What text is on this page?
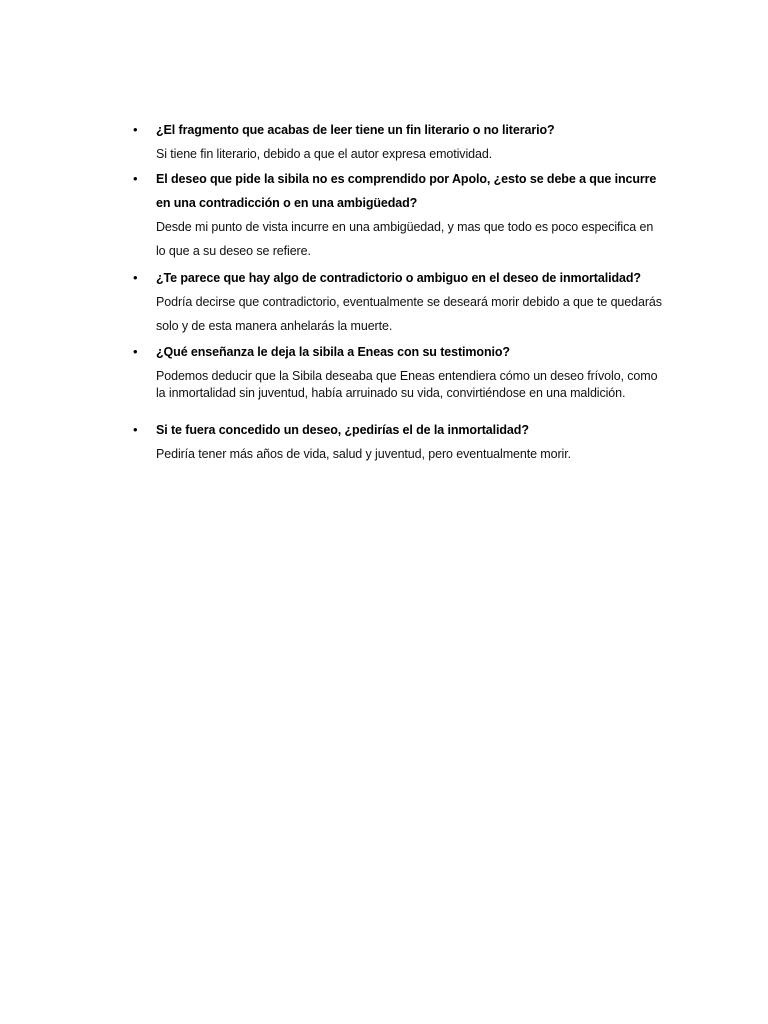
• ¿El fragmento que acabas de leer tiene un fin literario o no literario?
Si tiene fin literario, debido a que el autor expresa emotividad.
• El deseo que pide la sibila no es comprendido por Apolo, ¿esto se debe a que incurre en una contradicción o en una ambigüedad?
Desde mi punto de vista incurre en una ambigüedad, y mas que todo es poco especifica en lo que a su deseo se refiere.
• ¿Te parece que hay algo de contradictorio o ambiguo en el deseo de inmortalidad?
Podría decirse que contradictorio, eventualmente se deseará morir debido a que te quedarás solo y de esta manera anhelarás la muerte.
• ¿Qué enseñanza le deja la sibila a Eneas con su testimonio?
Podemos deducir que la Sibila deseaba que Eneas entendiera cómo un deseo frívolo, como la inmortalidad sin juventud, había arruinado su vida, convirtiéndose en una maldición.
• Si te fuera concedido un deseo, ¿pedirías el de la inmortalidad?
Pediría tener más años de vida, salud y juventud, pero eventualmente morir.
